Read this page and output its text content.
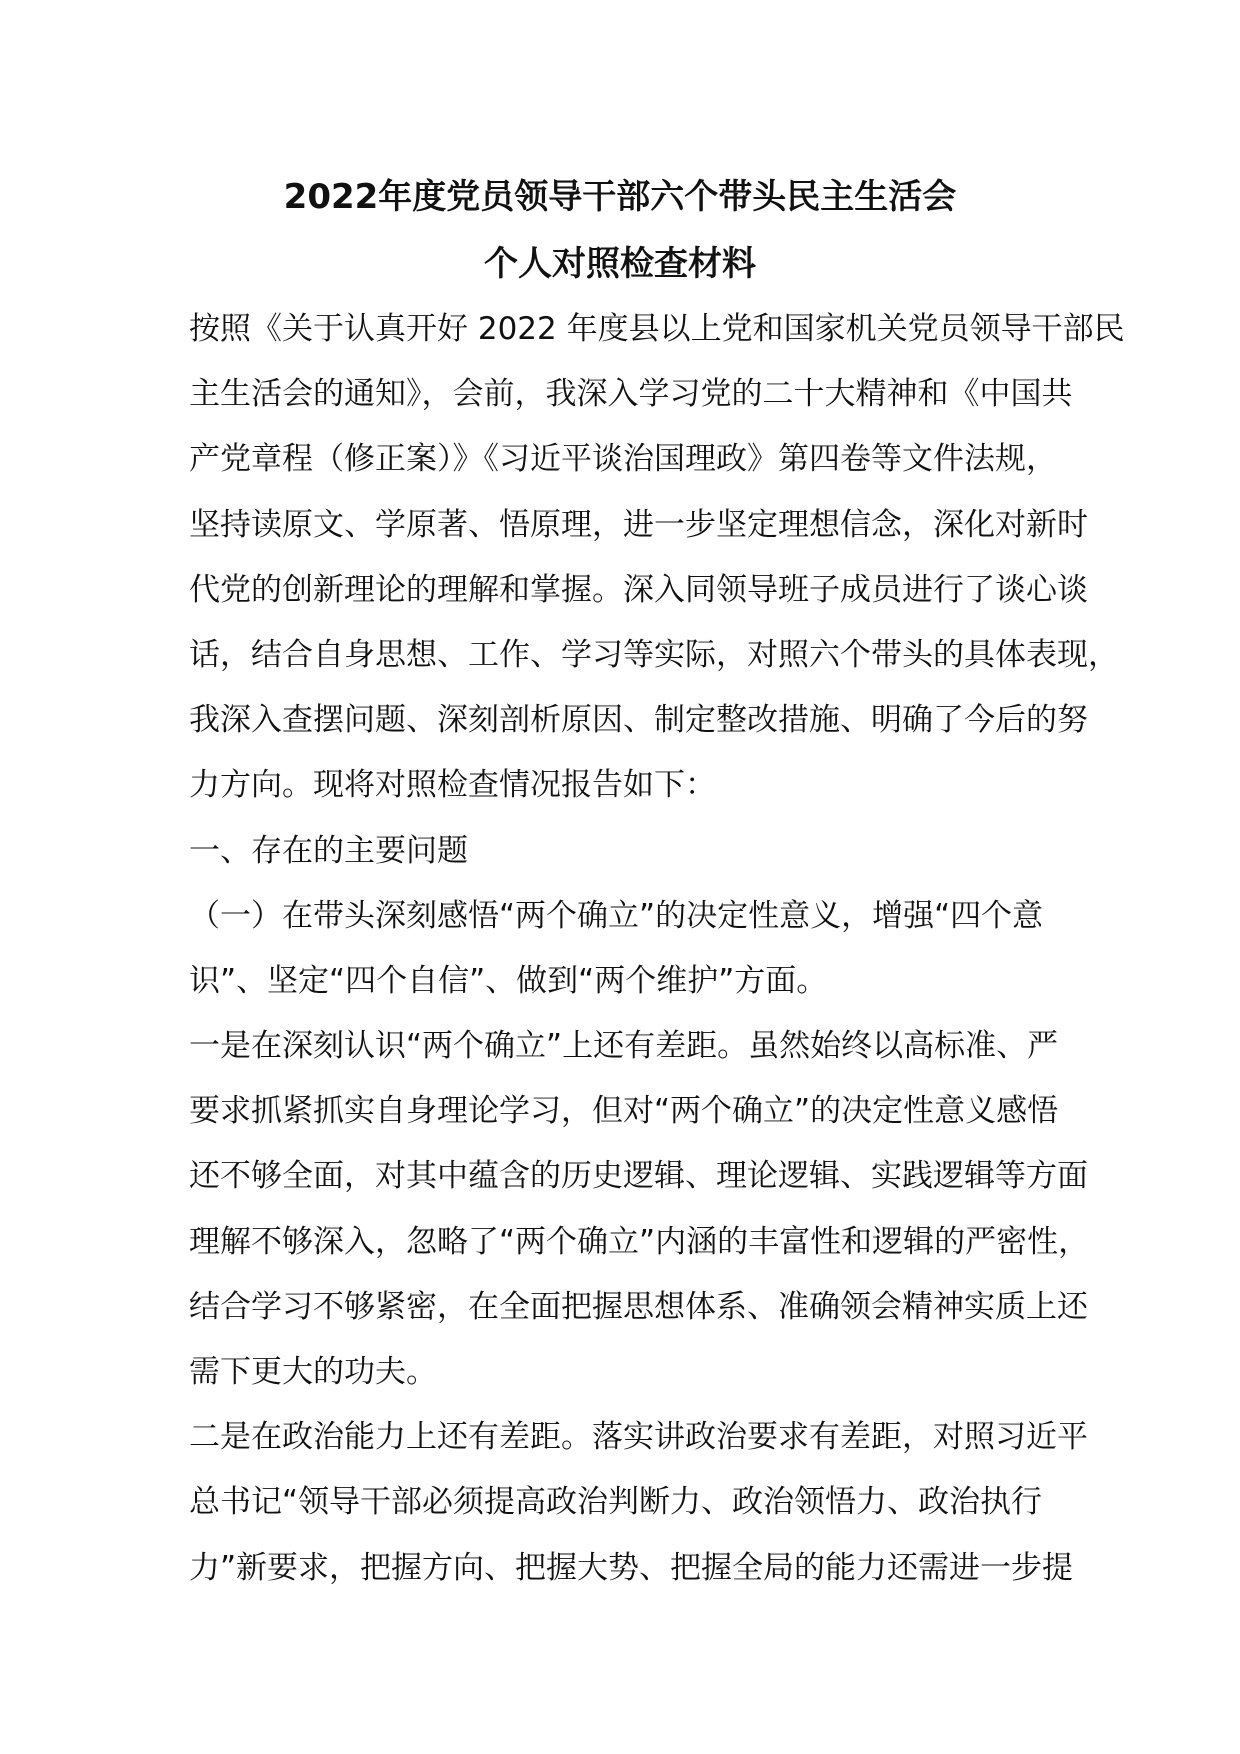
2022年度党员领导干部六个带头民主生活会
个人对照检查材料
按照《关于认真开好 2022 年度县以上党和国家机关党员领导干部民
主生活会的通知》，会前，我深入学习党的二十大精神和《中国共
产党章程（修正案）》《习近平谈治国理政》第四卷等文件法规，
坚持读原文、学原著、悟原理，进一步坚定理想信念，深化对新时
代党的创新理论的理解和掌握。深入同领导班子成员进行了谈心谈
话，结合自身思想、工作、学习等实际，对照六个带头的具体表现，
我深入查摆问题、深刻剖析原因、制定整改措施、明确了今后的努
力方向。现将对照检查情况报告如下：
一、存在的主要问题
（一）在带头深刻感悟“两个确立”的决定性意义，增强“四个意
识”、坚定“四个自信”、做到“两个维护”方面。
一是在深刻认识“两个确立”上还有差距。虽然始终以高标准、严
要求抓紧抓实自身理论学习，但对“两个确立”的决定性意义感悟
还不够全面，对其中蕴含的历史逻辑、理论逻辑、实践逻辑等方面
理解不够深入，忽略了“两个确立”内涵的丰富性和逻辑的严密性，
结合学习不够紧密，在全面把握思想体系、准确领会精神实质上还
需下更大的功夫。
二是在政治能力上还有差距。落实讲政治要求有差距，对照习近平
总书记“领导干部必须提高政治判断力、政治领悟力、政治执行
力”新要求，把握方向、把握大势、把握全局的能力还需进一步提
